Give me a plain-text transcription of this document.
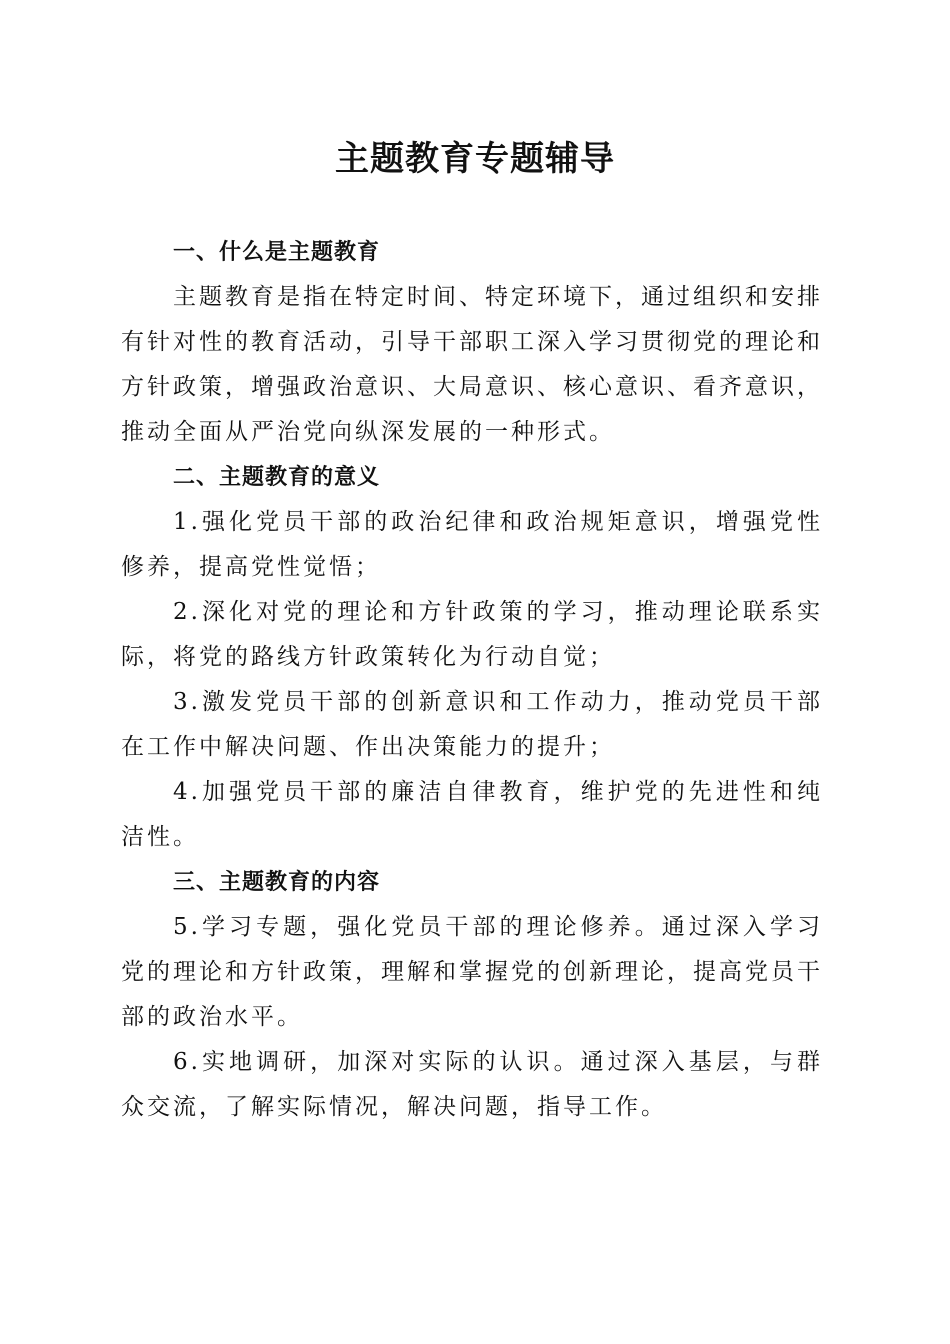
主题教育专题辅导

一、什么是主题教育

主题教育是指在特定时间、特定环境下，通过组织和安排有针对性的教育活动，引导干部职工深入学习贯彻党的理论和方针政策，增强政治意识、大局意识、核心意识、看齐意识，推动全面从严治党向纵深发展的一种形式。

二、主题教育的意义

1.强化党员干部的政治纪律和政治规矩意识，增强党性修养，提高党性觉悟；

2.深化对党的理论和方针政策的学习，推动理论联系实际，将党的路线方针政策转化为行动自觉；

3.激发党员干部的创新意识和工作动力，推动党员干部在工作中解决问题、作出决策能力的提升；

4.加强党员干部的廉洁自律教育，维护党的先进性和纯洁性。

三、主题教育的内容

5.学习专题，强化党员干部的理论修养。通过深入学习党的理论和方针政策，理解和掌握党的创新理论，提高党员干部的政治水平。

6.实地调研，加深对实际的认识。通过深入基层，与群众交流，了解实际情况，解决问题，指导工作。
